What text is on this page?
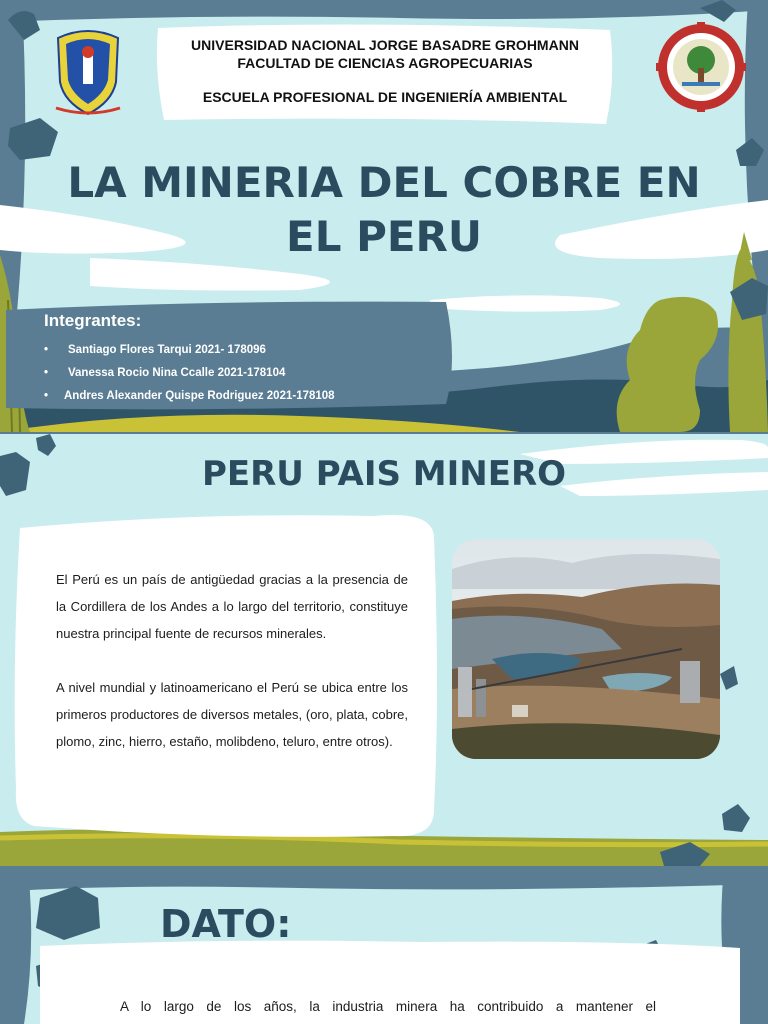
UNIVERSIDAD NACIONAL JORGE BASADRE GROHMANN
FACULTAD DE CIENCIAS AGROPECUARIAS
ESCUELA PROFESIONAL DE INGENIERÍA AMBIENTAL
LA MINERIA DEL COBRE EN
EL PERU
Integrantes:
•	Santiago Flores Tarqui 2021- 178096
•	Vanessa Rocio Nina Ccalle 2021-178104
•	Andres Alexander Quispe Rodriguez 2021-178108
PERU PAIS MINERO

El Perú es un país de antigüedad gracias a la presencia de la Cordillera de los Andes a lo largo del territorio, constituye nuestra principal fuente de recursos minerales.

A nivel mundial y latinoamericano el Perú se ubica entre los primeros productores de diversos metales, (oro, plata, cobre, plomo, zinc, hierro, estaño, molibdeno, telurо, entre otros).

DATO:
A lo largo de los años, la industria minera ha contribuido a mantener el
